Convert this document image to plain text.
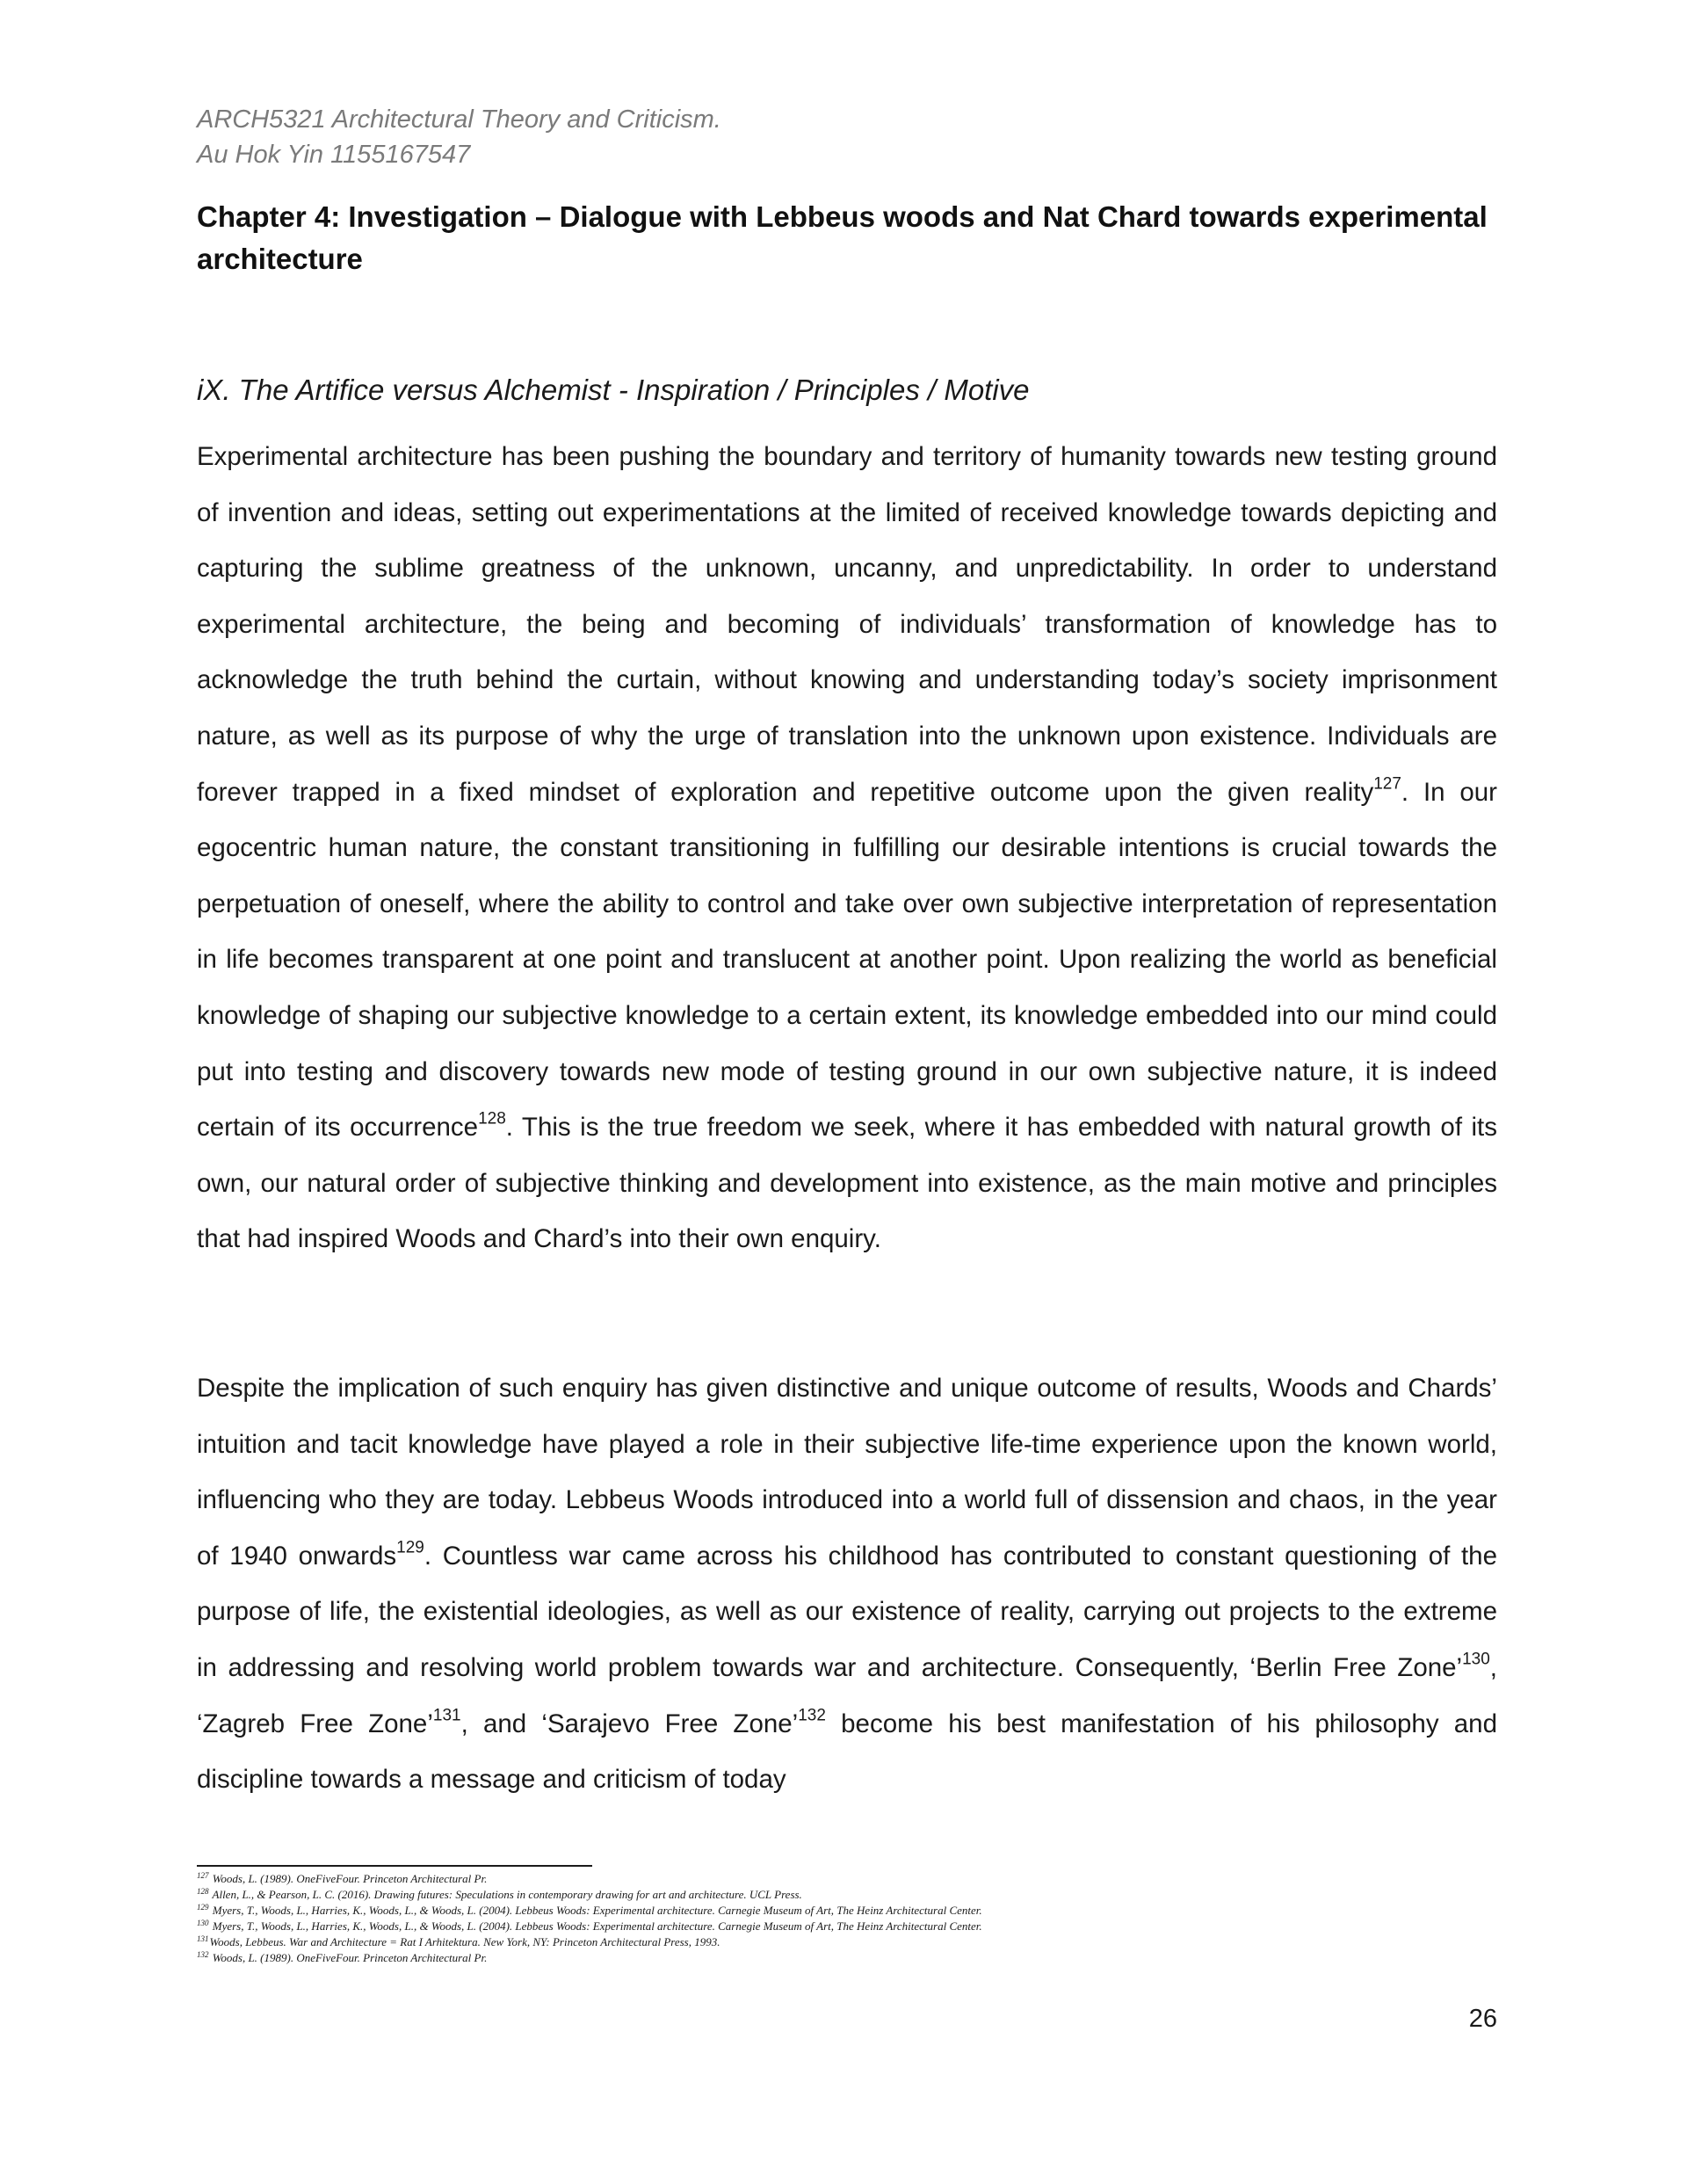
ARCH5321 Architectural Theory and Criticism.
Au Hok Yin 1155167547
Chapter 4: Investigation – Dialogue with Lebbeus woods and Nat Chard towards experimental architecture
iX. The Artifice versus Alchemist - Inspiration / Principles / Motive
Experimental architecture has been pushing the boundary and territory of humanity towards new testing ground of invention and ideas, setting out experimentations at the limited of received knowledge towards depicting and capturing the sublime greatness of the unknown, uncanny, and unpredictability. In order to understand experimental architecture, the being and becoming of individuals’ transformation of knowledge has to acknowledge the truth behind the curtain, without knowing and understanding today’s society imprisonment nature, as well as its purpose of why the urge of translation into the unknown upon existence. Individuals are forever trapped in a fixed mindset of exploration and repetitive outcome upon the given reality$^{127}$. In our egocentric human nature, the constant transitioning in fulfilling our desirable intentions is crucial towards the perpetuation of oneself, where the ability to control and take over own subjective interpretation of representation in life becomes transparent at one point and translucent at another point. Upon realizing the world as beneficial knowledge of shaping our subjective knowledge to a certain extent, its knowledge embedded into our mind could put into testing and discovery towards new mode of testing ground in our own subjective nature, it is indeed certain of its occurrence$^{128}$. This is the true freedom we seek, where it has embedded with natural growth of its own, our natural order of subjective thinking and development into existence, as the main motive and principles that had inspired Woods and Chard’s into their own enquiry.
Despite the implication of such enquiry has given distinctive and unique outcome of results, Woods and Chards’ intuition and tacit knowledge have played a role in their subjective life-time experience upon the known world, influencing who they are today. Lebbeus Woods introduced into a world full of dissension and chaos, in the year of 1940 onwards$^{129}$. Countless war came across his childhood has contributed to constant questioning of the purpose of life, the existential ideologies, as well as our existence of reality, carrying out projects to the extreme in addressing and resolving world problem towards war and architecture. Consequently, ‘Berlin Free Zone’$^{130}$, ‘Zagreb Free Zone’$^{131}$, and ‘Sarajevo Free Zone’$^{132}$ become his best manifestation of his philosophy and discipline towards a message and criticism of today
$^{127}$ Woods, L. (1989). OneFiveFour. Princeton Architectural Pr.
$^{128}$ Allen, L., & Pearson, L. C. (2016). Drawing futures: Speculations in contemporary drawing for art and architecture. UCL Press.
$^{129}$ Myers, T., Woods, L., Harries, K., Woods, L., & Woods, L. (2004). Lebbeus Woods: Experimental architecture. Carnegie Museum of Art, The Heinz Architectural Center.
$^{130}$ Myers, T., Woods, L., Harries, K., Woods, L., & Woods, L. (2004). Lebbeus Woods: Experimental architecture. Carnegie Museum of Art, The Heinz Architectural Center.
$^{131}$Woods, Lebbeus. War and Architecture = Rat I Arhitektura. New York, NY: Princeton Architectural Press, 1993.
$^{132}$ Woods, L. (1989). OneFiveFour. Princeton Architectural Pr.
26
